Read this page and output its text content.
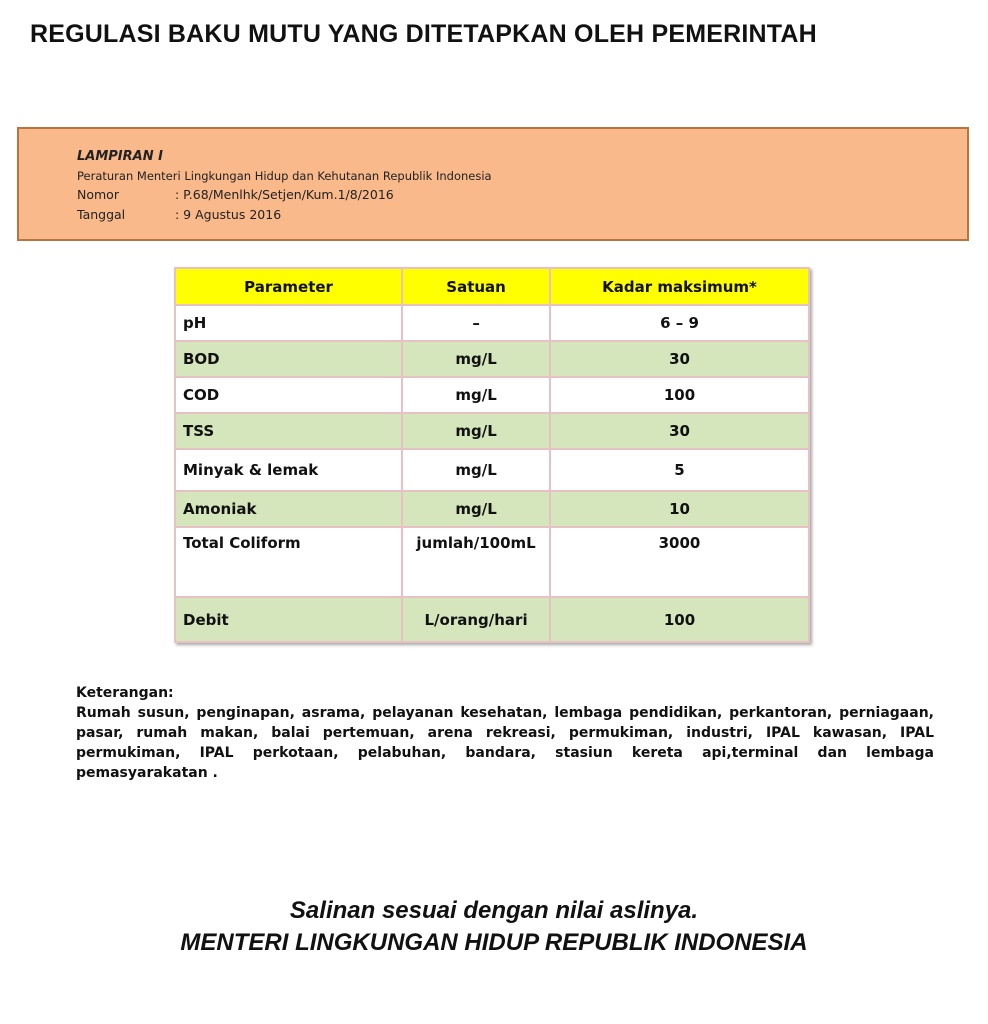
REGULASI BAKU MUTU YANG DITETAPKAN OLEH PEMERINTAH
LAMPIRAN I
Peraturan Menteri Lingkungan Hidup dan Kehutanan Republik Indonesia
Nomor	: P.68/Menlhk/Setjen/Kum.1/8/2016
Tanggal	: 9 Agustus 2016
Parameter	Satuan	Kadar maksimum*
pH	–	6 – 9
BOD	mg/L	30
COD	mg/L	100
TSS	mg/L	30
Minyak & lemak	mg/L	5
Amoniak	mg/L	10
Total Coliform	jumlah/100mL	3000
Debit	L/orang/hari	100
Keterangan:
Rumah susun, penginapan, asrama, pelayanan kesehatan, lembaga pendidikan, perkantoran, perniagaan, pasar, rumah makan, balai pertemuan, arena rekreasi, permukiman, industri, IPAL kawasan, IPAL permukiman, IPAL perkotaan, pelabuhan, bandara, stasiun kereta api,terminal dan lembaga pemasyarakatan .
Salinan sesuai dengan nilai aslinya.
MENTERI LINGKUNGAN HIDUP REPUBLIK INDONESIA
